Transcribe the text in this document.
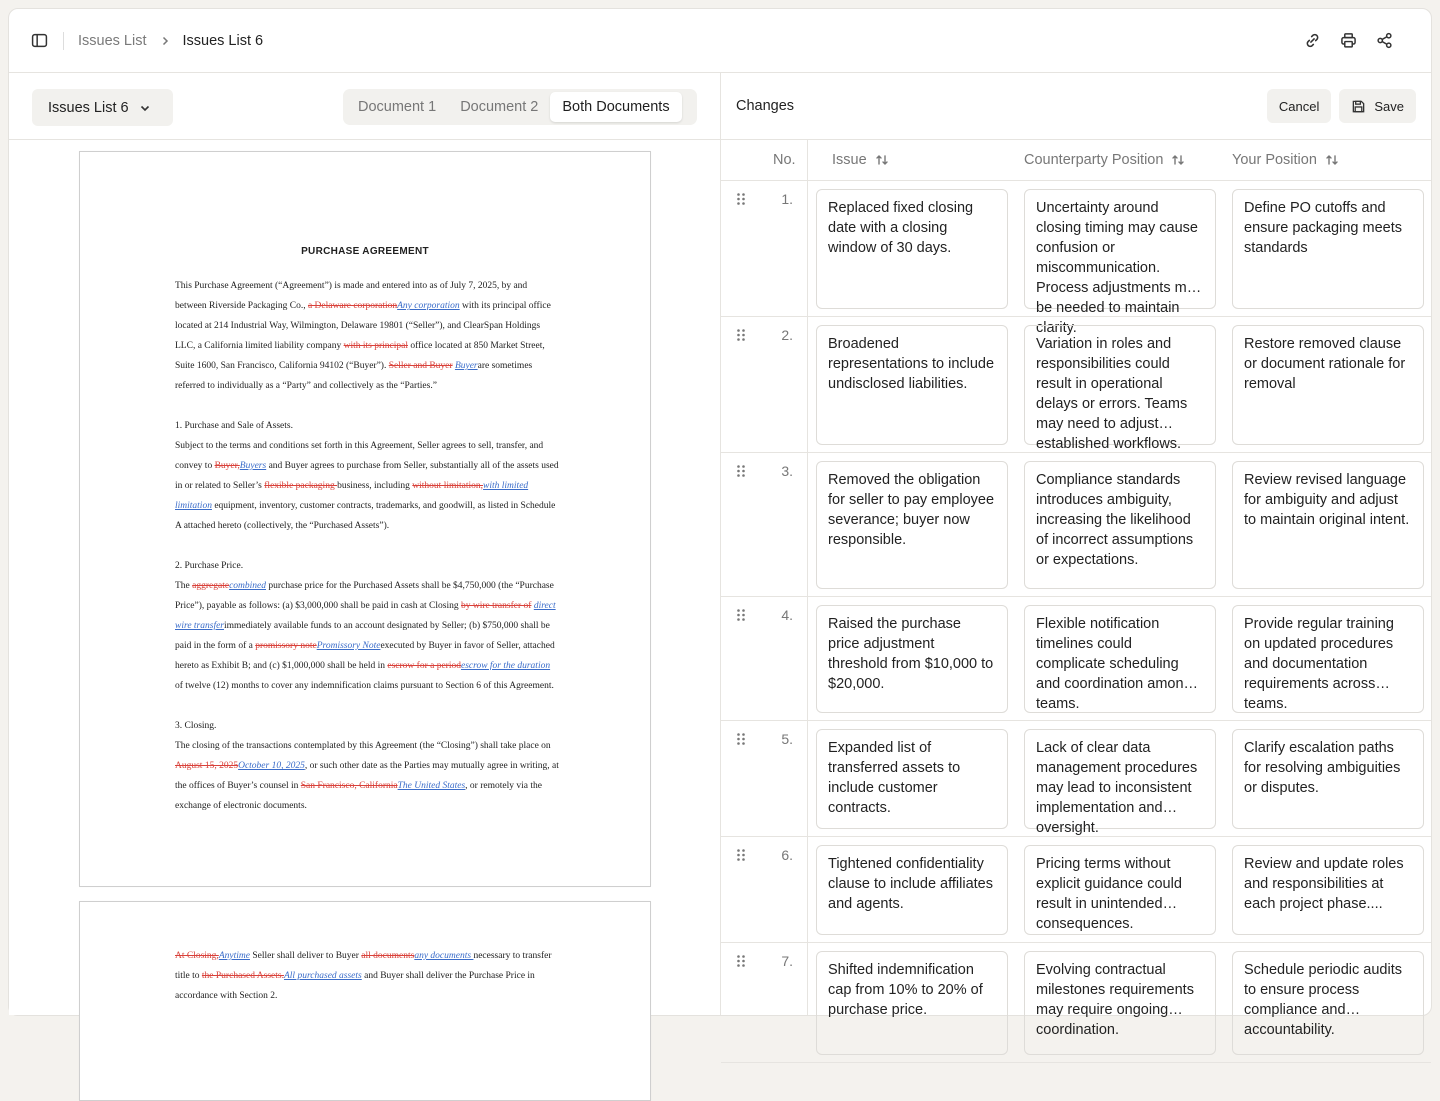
Issues List Issues List 6
Issues List 6	Document 1	Document 2	Both Documents
PURCHASE AGREEMENT
This Purchase Agreement (“Agreement”) is made and entered into as of July 7, 2025, by and between Riverside Packaging Co., a Delaware corporationAny corporation with its principal office located at 214 Industrial Way, Wilmington, Delaware 19801 (“Seller”), and ClearSpan Holdings LLC, a California limited liability company with its principal office located at 850 Market Street, Suite 1600, San Francisco, California 94102 (“Buyer”). Seller and Buyer Buyerare sometimes referred to individually as a “Party” and collectively as the “Parties.”
1. Purchase and Sale of Assets.
Subject to the terms and conditions set forth in this Agreement, Seller agrees to sell, transfer, and convey to Buyer,Buyers and Buyer agrees to purchase from Seller, substantially all of the assets used in or related to Seller’s flexible packaging business, including without limitation,with limited limitation equipment, inventory, customer contracts, trademarks, and goodwill, as listed in Schedule A attached hereto (collectively, the “Purchased Assets”).
2. Purchase Price.
The aggregatecombined purchase price for the Purchased Assets shall be $4,750,000 (the “Purchase Price”), payable as follows: (a) $3,000,000 shall be paid in cash at Closing by wire transfer of direct wire transferimmediately available funds to an account designated by Seller; (b) $750,000 shall be paid in the form of a promissory notePromissory Noteexecuted by Buyer in favor of Seller, attached hereto as Exhibit B; and (c) $1,000,000 shall be held in escrow for a periodescrow for the duration of twelve (12) months to cover any indemnification claims pursuant to Section 6 of this Agreement.
3. Closing.
The closing of the transactions contemplated by this Agreement (the “Closing”) shall take place on August 15, 2025October 10, 2025, or such other date as the Parties may mutually agree in writing, at the offices of Buyer’s counsel in San Francisco, CaliforniaThe United States, or remotely via the exchange of electronic documents.
At Closing,Anytime Seller shall deliver to Buyer all documentsany documents necessary to transfer title to the Purchased Assets.All purchased assets and Buyer shall deliver the Purchase Price in accordance with Section 2.
Changes	Cancel	Save
No.	Issue	Counterparty Position	Your Position
1.
Replaced fixed closing date with a closing window of 30 days.
Uncertainty around closing timing may cause confusion or miscommunication. Process adjustments may be needed to maintain clarity.
Define PO cutoffs and ensure packaging meets standards
2.
Broadened representations to include undisclosed liabilities.
Variation in roles and responsibilities could result in operational delays or errors. Teams may need to adjust established workflows.
Restore removed clause or document rationale for removal
3.
Removed the obligation for seller to pay employee severance; buyer now responsible.
Compliance standards introduces ambiguity, increasing the likelihood of incorrect assumptions or expectations.
Review revised language for ambiguity and adjust to maintain original intent.
4.
Raised the purchase price adjustment threshold from $10,000 to $20,000.
Flexible notification timelines could complicate scheduling and coordination among teams.
Provide regular training on updated procedures and documentation requirements across teams.
5.
Expanded list of transferred assets to include customer contracts.
Lack of clear data management procedures may lead to inconsistent implementation and oversight.
Clarify escalation paths for resolving ambiguities or disputes.
6.
Tightened confidentiality clause to include affiliates and agents.
Pricing terms without explicit guidance could result in unintended consequences.
Review and update roles and responsibilities at each project phase....
7.
Shifted indemnification cap from 10% to 20% of purchase price.
Evolving contractual milestones requirements may require ongoing coordination.
Schedule periodic audits to ensure process compliance and accountability.
